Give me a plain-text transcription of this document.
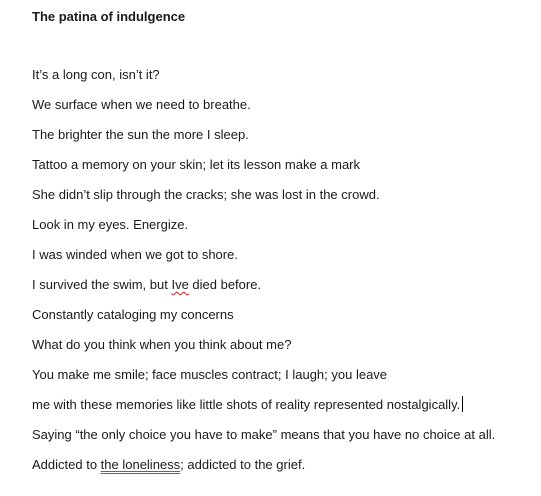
The patina of indulgence
It’s a long con, isn’t it?
We surface when we need to breathe.
The brighter the sun the more I sleep.
Tattoo a memory on your skin; let its lesson make a mark
She didn’t slip through the cracks; she was lost in the crowd.
Look in my eyes. Energize.
I was winded when we got to shore.
I survived the swim, but Ive died before.
Constantly cataloging my concerns
What do you think when you think about me?
You make me smile; face muscles contract; I laugh; you leave
me with these memories like little shots of reality represented nostalgically.
Saying “the only choice you have to make” means that you have no choice at all.
Addicted to the loneliness; addicted to the grief.
